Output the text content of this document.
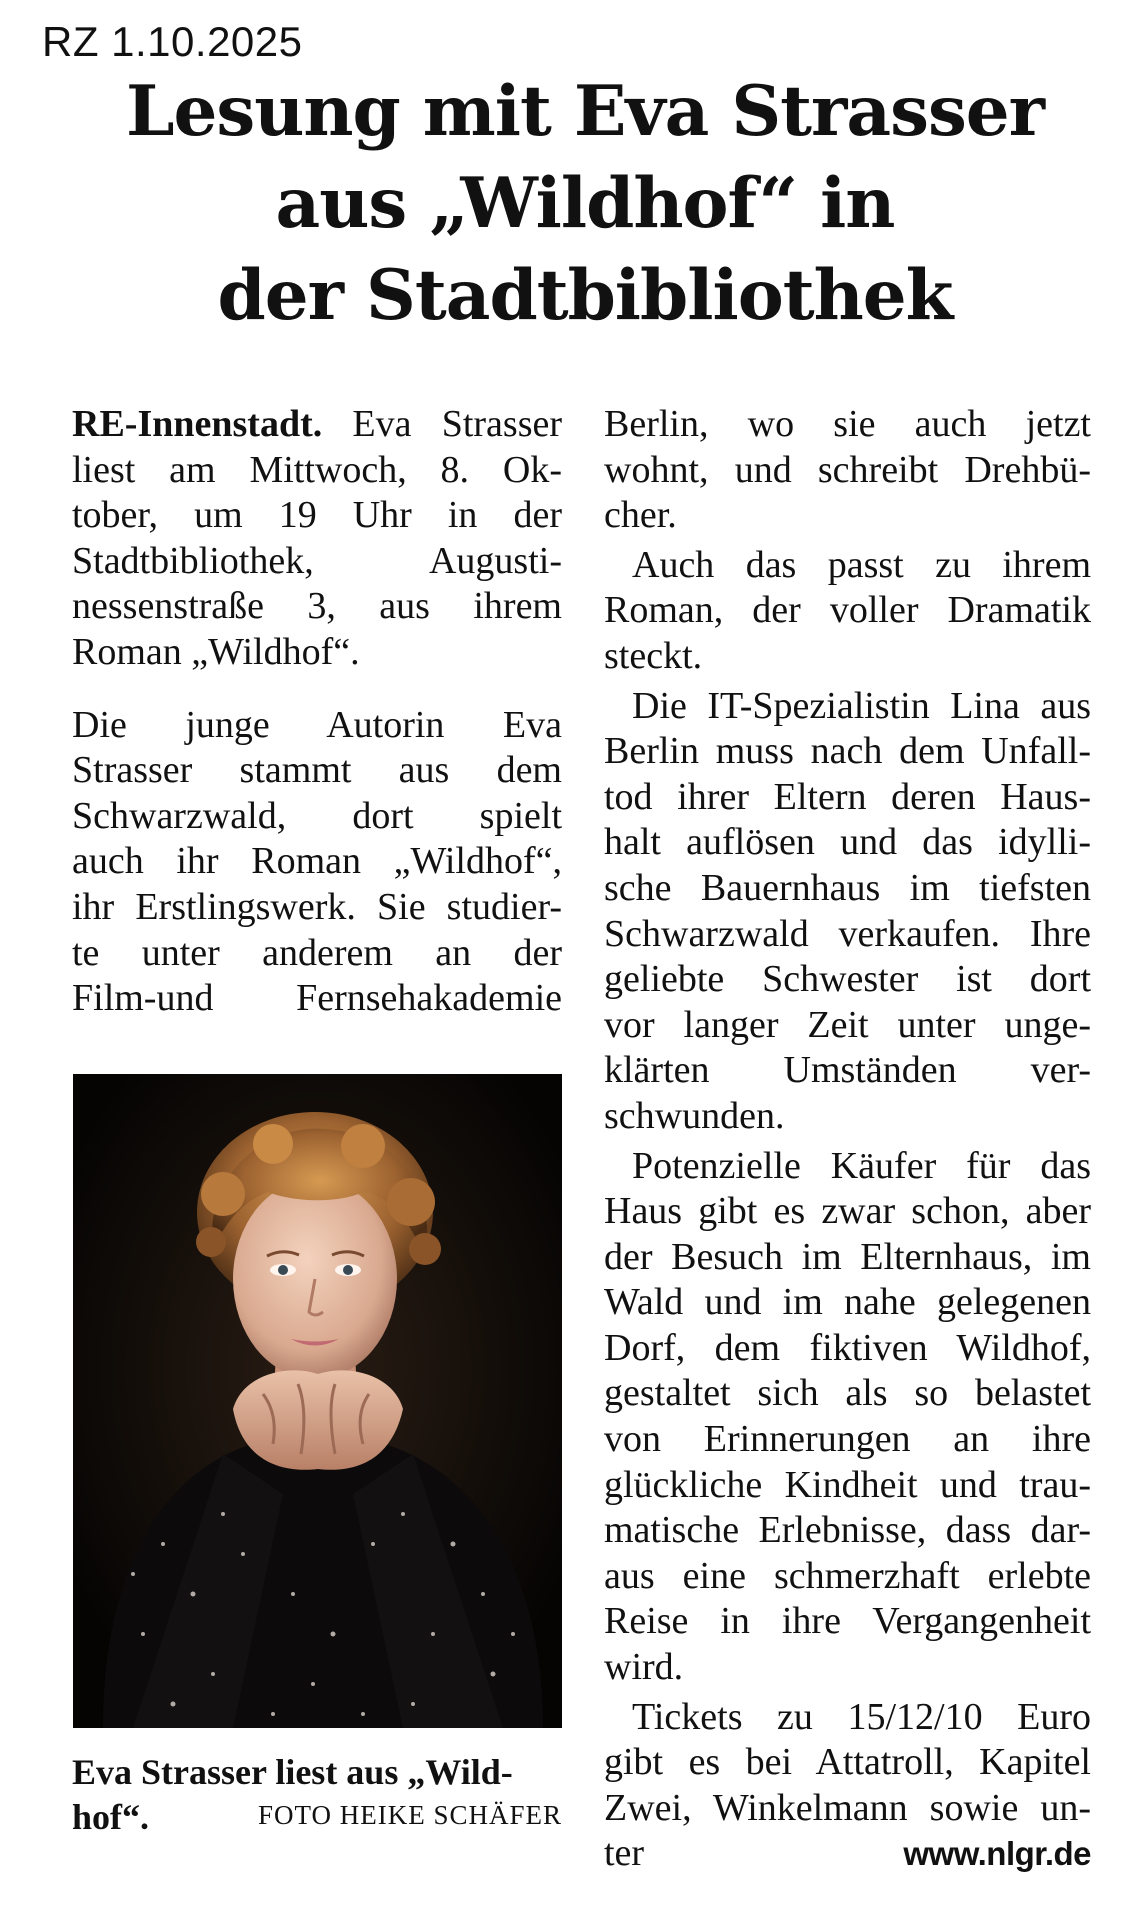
RZ 1.10.2025
Lesung mit Eva Strasser
aus „Wildhof“ in
der Stadtbibliothek
RE-Innenstadt. Eva Strasser
liest am Mittwoch, 8. Ok-
tober, um 19 Uhr in der
Stadtbibliothek, Augusti-
nessenstraße 3, aus ihrem
Roman „Wildhof“.
Die junge Autorin Eva
Strasser stammt aus dem
Schwarzwald, dort spielt
auch ihr Roman „Wildhof“,
ihr Erstlingswerk. Sie studier-
te unter anderem an der
Film-und Fernsehakademie
Eva Strasser liest aus „Wild-
hof“.	FOTO HEIKE SCHÄFER
Berlin, wo sie auch jetzt
wohnt, und schreibt Drehbü-
cher.
Auch das passt zu ihrem
Roman, der voller Dramatik
steckt.
Die IT-Spezialistin Lina aus
Berlin muss nach dem Unfall-
tod ihrer Eltern deren Haus-
halt auflösen und das idylli-
sche Bauernhaus im tiefsten
Schwarzwald verkaufen. Ihre
geliebte Schwester ist dort
vor langer Zeit unter unge-
klärten Umständen ver-
schwunden.
Potenzielle Käufer für das
Haus gibt es zwar schon, aber
der Besuch im Elternhaus, im
Wald und im nahe gelegenen
Dorf, dem fiktiven Wildhof,
gestaltet sich als so belastet
von Erinnerungen an ihre
glückliche Kindheit und trau-
matische Erlebnisse, dass dar-
aus eine schmerzhaft erlebte
Reise in ihre Vergangenheit
wird.
Tickets zu 15/12/10 Euro
gibt es bei Attatroll, Kapitel
Zwei, Winkelmann sowie un-
ter	www.nlgr.de
